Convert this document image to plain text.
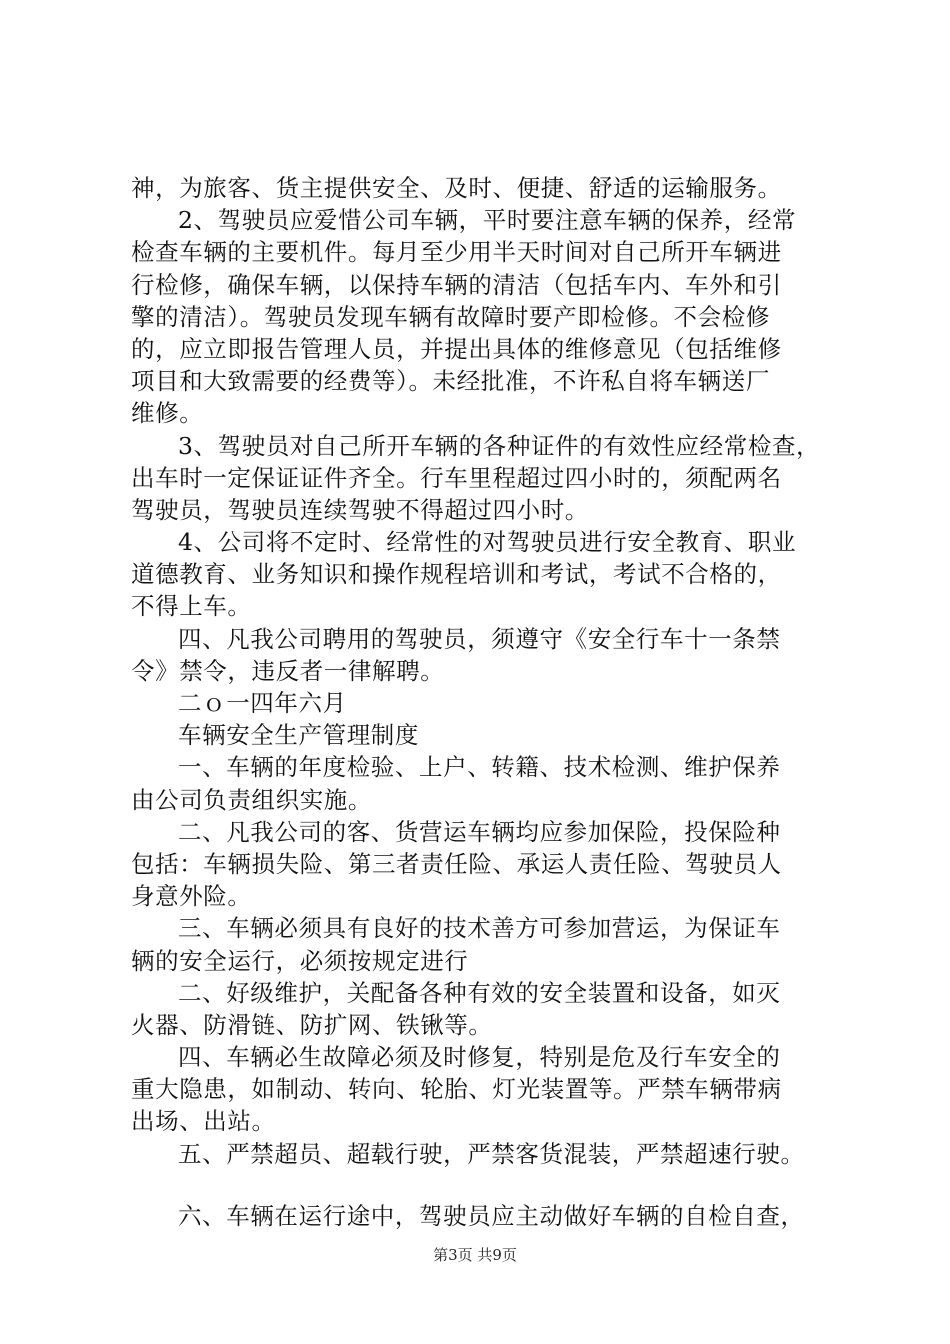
神，为旅客、货主提供安全、及时、便捷、舒适的运输服务。
2、驾驶员应爱惜公司车辆，平时要注意车辆的保养，经常
检查车辆的主要机件。每月至少用半天时间对自己所开车辆进
行检修，确保车辆，以保持车辆的清洁（包括车内、车外和引
擎的清洁）。驾驶员发现车辆有故障时要产即检修。不会检修
的，应立即报告管理人员，并提出具体的维修意见（包括维修
项目和大致需要的经费等）。未经批准，不许私自将车辆送厂
维修。
3、驾驶员对自己所开车辆的各种证件的有效性应经常检查，
出车时一定保证证件齐全。行车里程超过四小时的，须配两名
驾驶员，驾驶员连续驾驶不得超过四小时。
4、公司将不定时、经常性的对驾驶员进行安全教育、职业
道德教育、业务知识和操作规程培训和考试，考试不合格的，
不得上车。
四、凡我公司聘用的驾驶员，须遵守《安全行车十一条禁
令》禁令，违反者一律解聘。
二ｏ一四年六月
车辆安全生产管理制度
一、车辆的年度检验、上户、转籍、技术检测、维护保养
由公司负责组织实施。
二、凡我公司的客、货营运车辆均应参加保险，投保险种
包括：车辆损失险、第三者责任险、承运人责任险、驾驶员人
身意外险。
三、车辆必须具有良好的技术善方可参加营运，为保证车
辆的安全运行，必须按规定进行
二、好级维护，关配备各种有效的安全装置和设备，如灭
火器、防滑链、防扩网、铁锹等。
四、车辆必生故障必须及时修复，特别是危及行车安全的
重大隐患，如制动、转向、轮胎、灯光装置等。严禁车辆带病
出场、出站。
五、严禁超员、超载行驶，严禁客货混装，严禁超速行驶。
六、车辆在运行途中，驾驶员应主动做好车辆的自检自查，
第3页 共9页
